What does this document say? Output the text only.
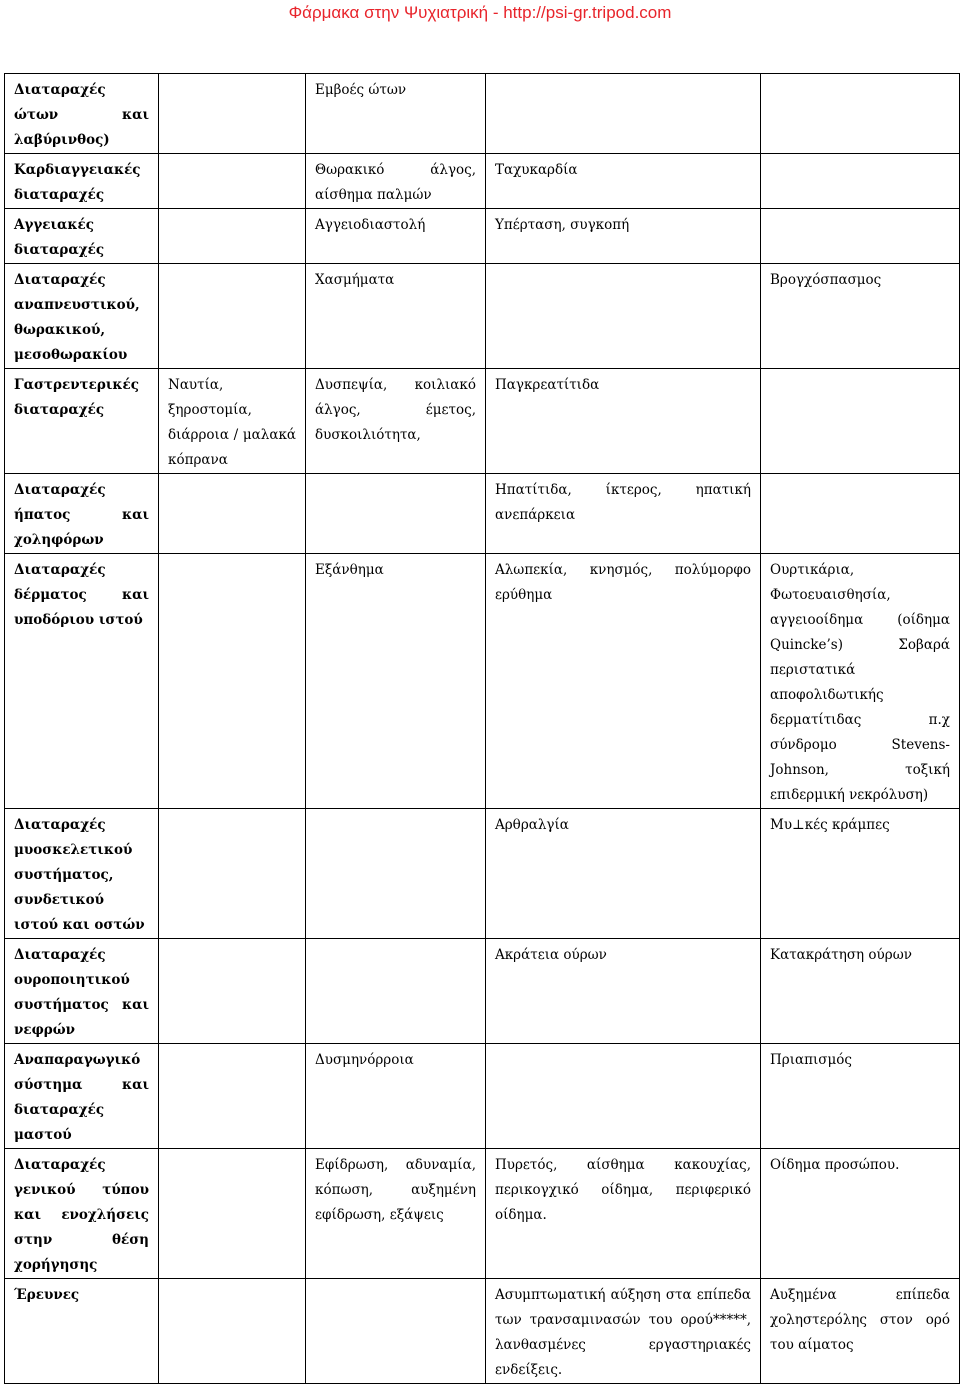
Φάρμακα στην Ψυχιατρική - http://psi-gr.tripod.com
Διαταραχές ώτων και λαβύρινθος)		Εμβοές ώτων		

Καρδιαγγειακές διαταραχές		Θωρακικό άλγος, αίσθημα παλμών	Ταχυκαρδία	

Αγγειακές διαταραχές		Αγγειοδιαστολή	Υπέρταση, συγκοπή	

Διαταραχές αναπνευστικού, θωρακικού, μεσοθωρακίου		Χασμήματα		Βρογχόσπασμος

Γαστρεντερικές διαταραχές	Ναυτία, ξηροστομία, διάρροια / μαλακά κόπρανα	Δυσπεψία, κοιλιακό άλγος, έμετος, δυσκοιλιότητα,	Παγκρεατίτιδα	

Διαταραχές ήπατος και χοληφόρων			Ηπατίτιδα, ίκτερος, ηπατική ανεπάρκεια	

Διαταραχές δέρματος και υποδόριου ιστού		Εξάνθημα	Αλωπεκία, κνησμός, πολύμορφο ερύθημα	Ουρτικάρια, Φωτοευαισθησία, αγγειοοίδημα (οίδημα Quincke’s) Σοβαρά περιστατικά αποφολιδωτικής δερματίτιδας π.χ σύνδρομο Stevens-Johnson, τοξική επιδερμική νεκρόλυση)

Διαταραχές μυοσκελετικού συστήματος, συνδετικού ιστού και οστών			Αρθραλγία	Μυ⊥κές κράμπες

Διαταραχές ουροποιητικού συστήματος και νεφρών			Ακράτεια ούρων	Κατακράτηση ούρων

Αναπαραγωγικό σύστημα και διαταραχές μαστού		Δυσμηνόρροια		Πριαπισμός

Διαταραχές γενικού τύπου και ενοχλήσεις στην θέση χορήγησης		Εφίδρωση, αδυναμία, κόπωση, αυξημένη εφίδρωση, εξάψεις	Πυρετός, αίσθημα κακουχίας, περικογχικό οίδημα, περιφερικό οίδημα.	Οίδημα προσώπου.

Έρευνες			Ασυμπτωματική αύξηση στα επίπεδα των τρανσαμινασών του ορού*****, λανθασμένες εργαστηριακές ενδείξεις.	Αυξημένα επίπεδα χοληστερόλης στον ορό του αίματος
